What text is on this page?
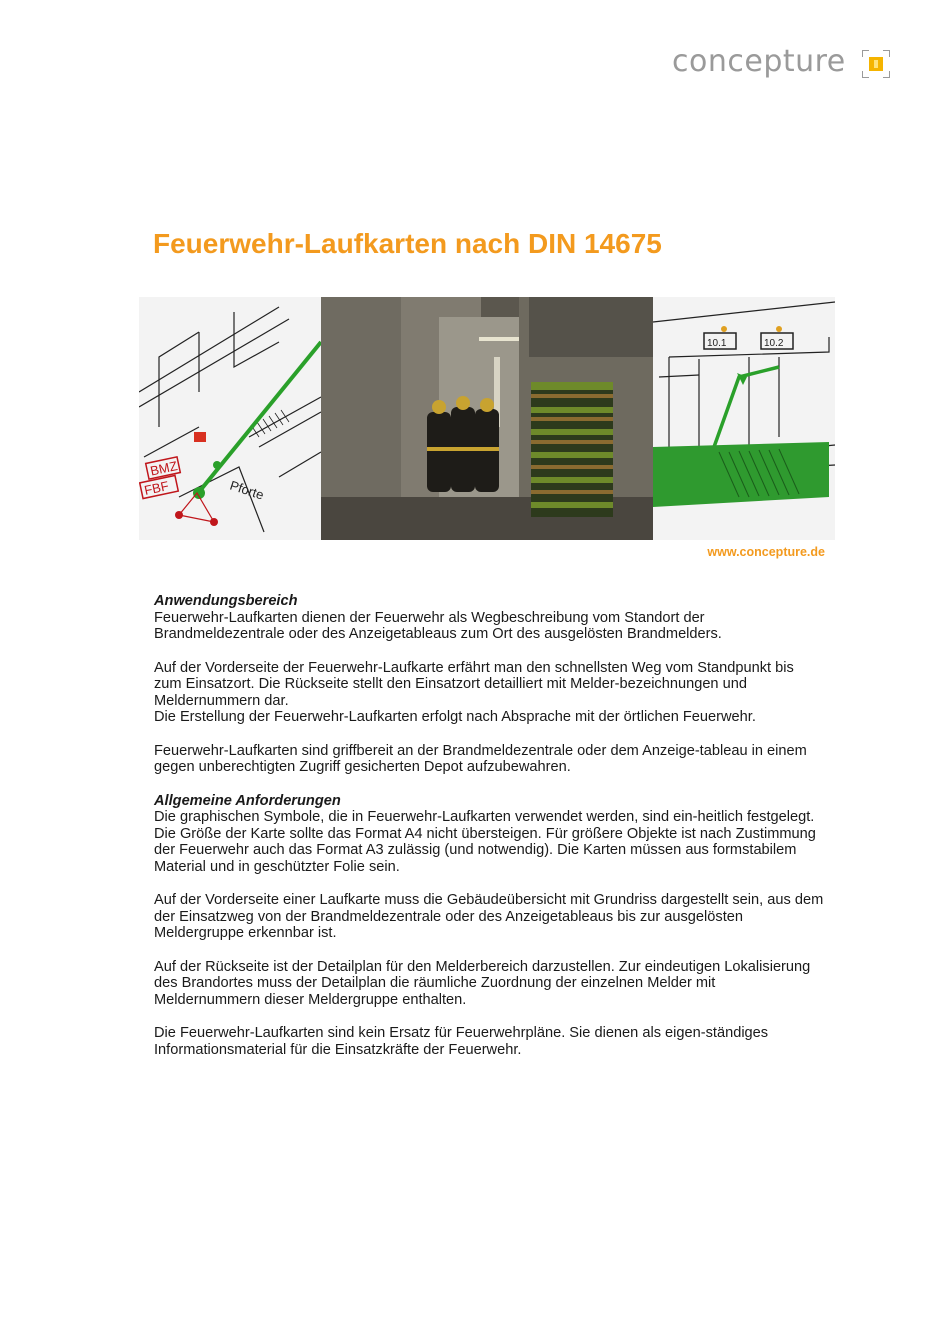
concepture
Feuerwehr-Laufkarten nach DIN 14675
BMZ
FBF	Pforte
10.1	10.2
www.concepture.de
Anwendungsbereich

Feuerwehr-Laufkarten dienen der Feuerwehr als Wegbeschreibung vom Standort der Brandmeldezentrale oder des Anzeigetableaus zum Ort des ausgelösten Brandmelders.

Auf der Vorderseite der Feuerwehr-Laufkarte erfährt man den schnellsten Weg vom Standpunkt bis zum Einsatzort. Die Rückseite stellt den Einsatzort detailliert mit Melder-bezeichnungen und Meldernummern dar.

Die Erstellung der Feuerwehr-Laufkarten erfolgt nach Absprache mit der örtlichen Feuerwehr.

Feuerwehr-Laufkarten sind griffbereit an der Brandmeldezentrale oder dem Anzeige-tableau in einem gegen unberechtigten Zugriff gesicherten Depot aufzubewahren.

Allgemeine Anforderungen

Die graphischen Symbole, die in Feuerwehr-Laufkarten verwendet werden, sind ein-heitlich festgelegt. Die Größe der Karte sollte das Format A4 nicht übersteigen. Für größere Objekte ist nach Zustimmung der Feuerwehr auch das Format A3 zulässig (und notwendig). Die Karten müssen aus formstabilem Material und in geschützter Folie sein.

Auf der Vorderseite einer Laufkarte muss die Gebäudeübersicht mit Grundriss dargestellt sein, aus dem der Einsatzweg von der Brandmeldezentrale oder des Anzeigetableaus bis zur ausgelösten Meldergruppe erkennbar ist.

Auf der Rückseite ist der Detailplan für den Melderbereich darzustellen. Zur eindeutigen Lokalisierung des Brandortes muss der Detailplan die räumliche Zuordnung der einzelnen Melder mit Meldernummern dieser Meldergruppe enthalten.

Die Feuerwehr-Laufkarten sind kein Ersatz für Feuerwehrpläne. Sie dienen als eigen-ständiges Informationsmaterial für die Einsatzkräfte der Feuerwehr.
